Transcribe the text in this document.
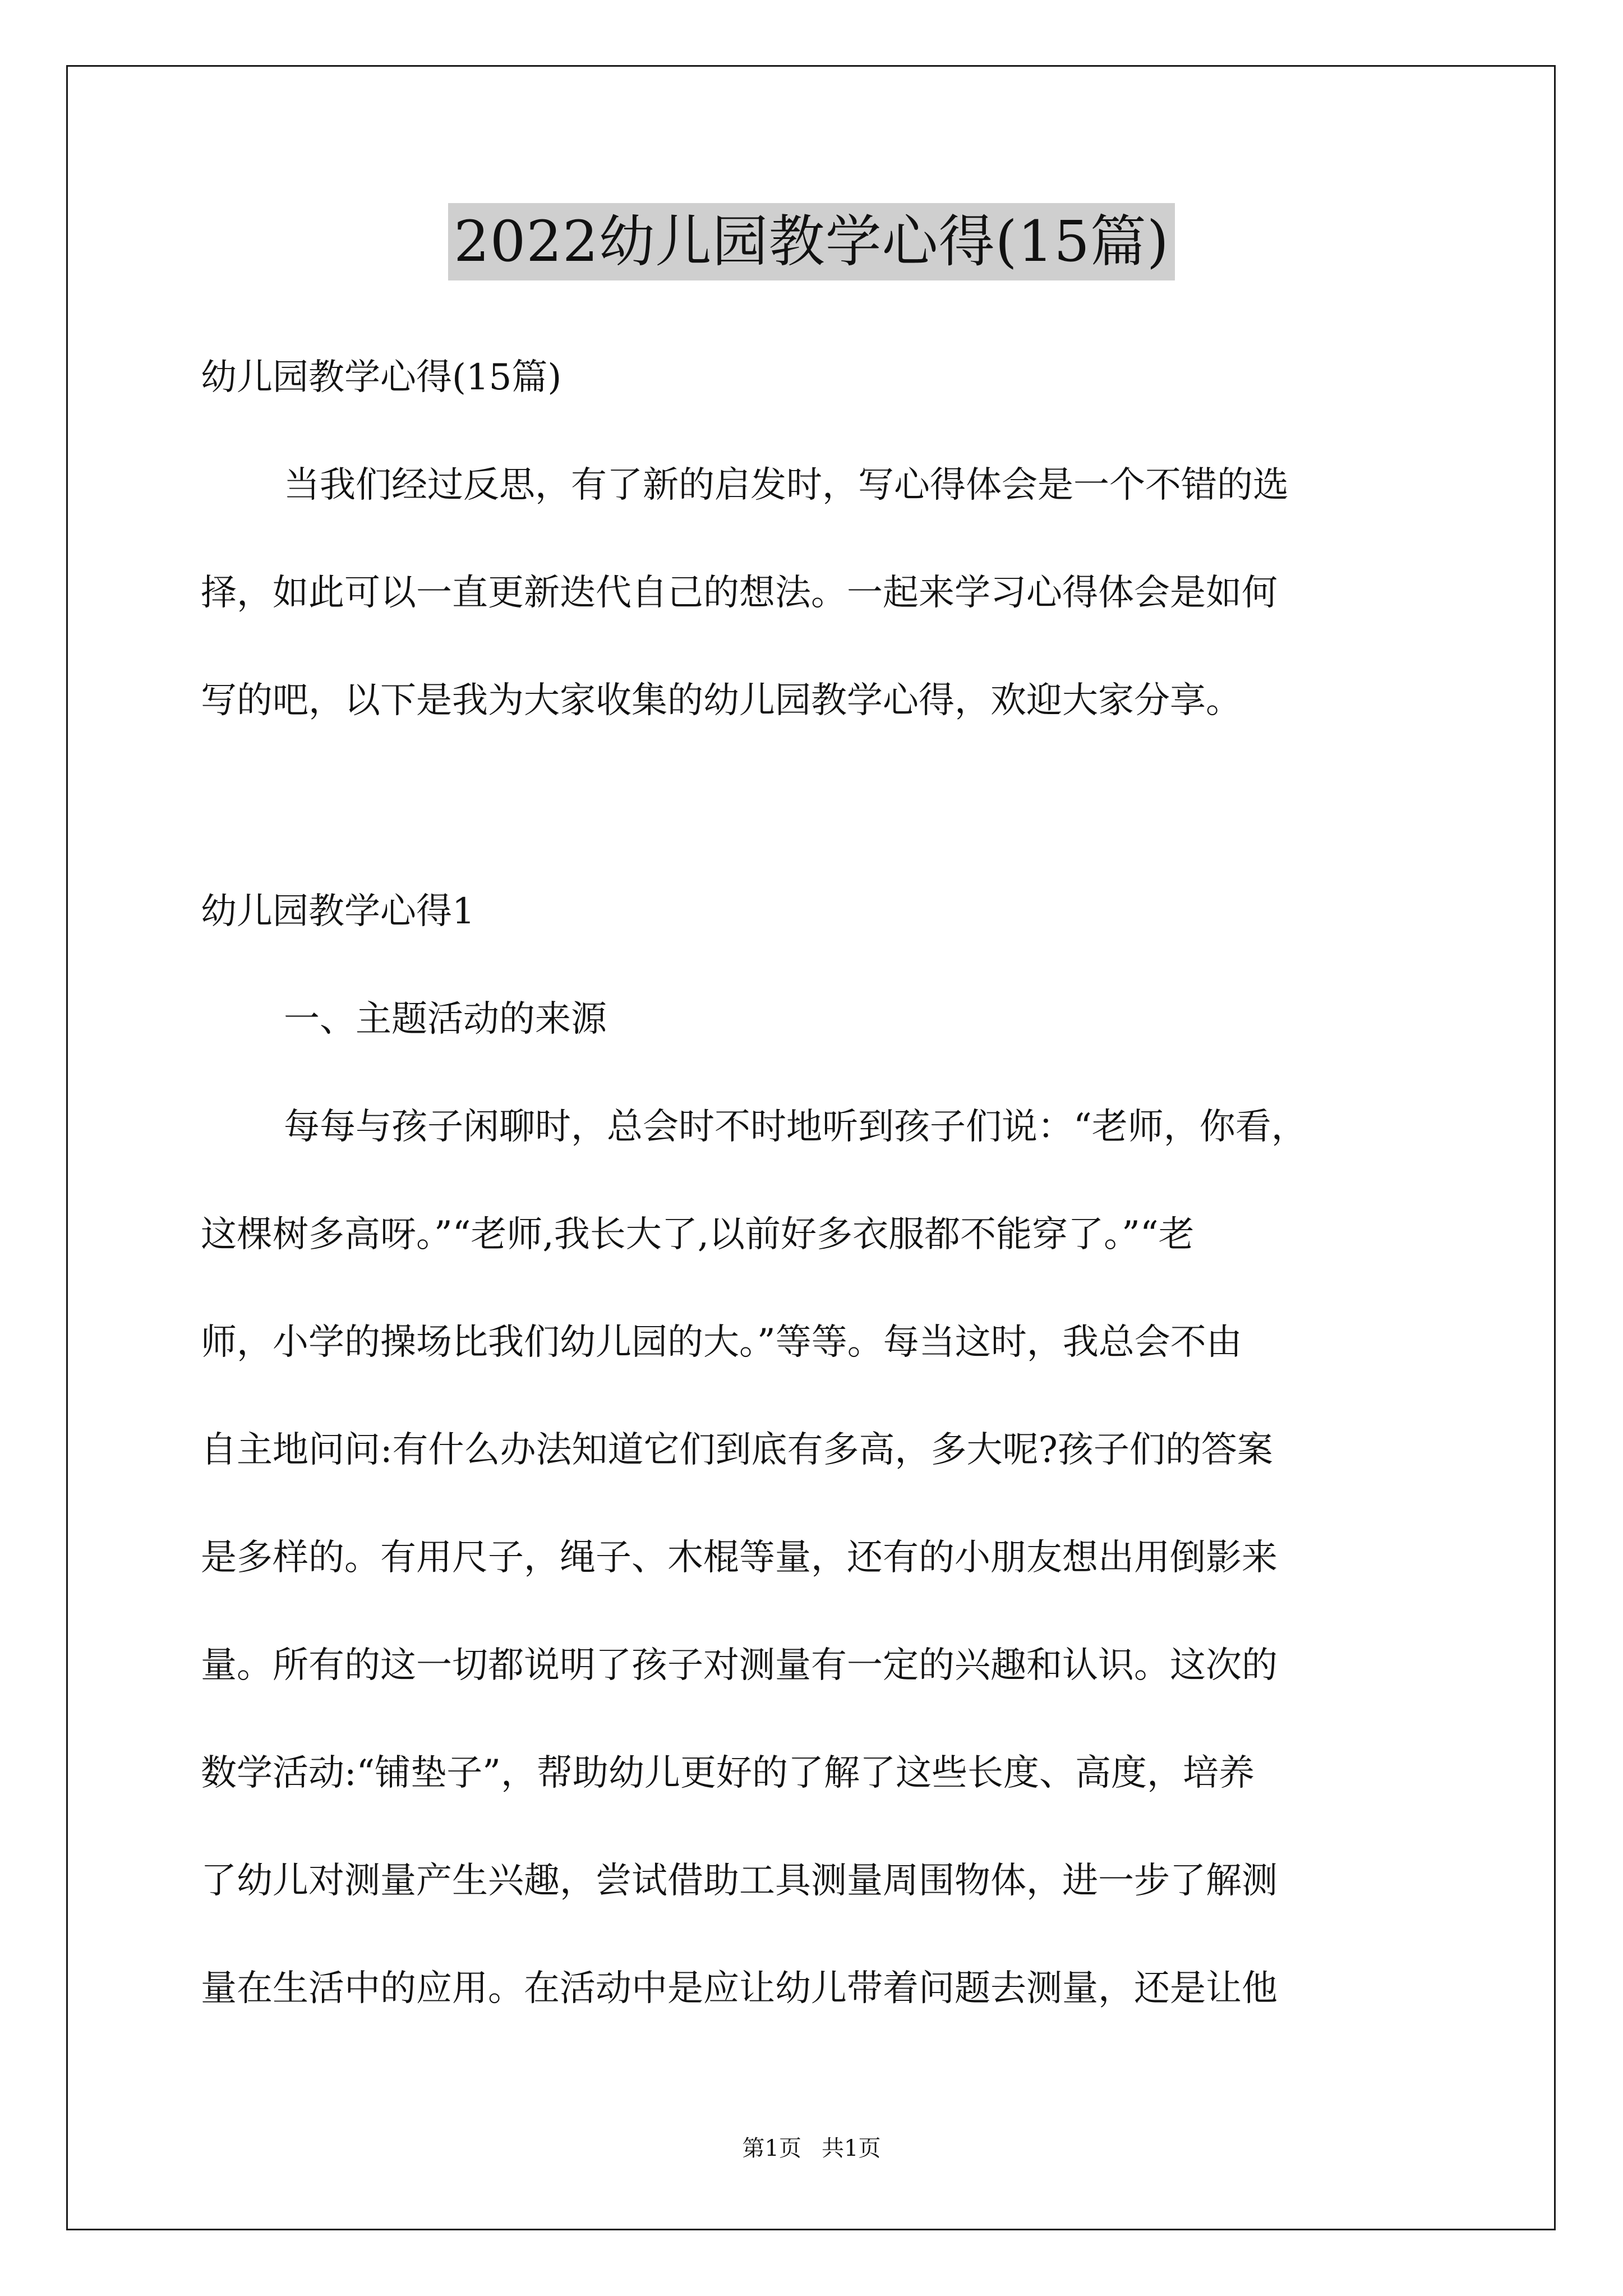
2022幼儿园教学心得(15篇)
幼儿园教学心得(15篇)
当我们经过反思，有了新的启发时，写心得体会是一个不错的选
择，如此可以一直更新迭代自己的想法。一起来学习心得体会是如何
写的吧，以下是我为大家收集的幼儿园教学心得，欢迎大家分享。
幼儿园教学心得1
一、主题活动的来源
每每与孩子闲聊时，总会时不时地听到孩子们说：“老师，你看，
这棵树多高呀。”“老师,我长大了,以前好多衣服都不能穿了。”“老
师，小学的操场比我们幼儿园的大。”等等。每当这时，我总会不由
自主地问问:有什么办法知道它们到底有多高，多大呢?孩子们的答案
是多样的。有用尺子，绳子、木棍等量，还有的小朋友想出用倒影来
量。所有的这一切都说明了孩子对测量有一定的兴趣和认识。这次的
数学活动:“铺垫子”，帮助幼儿更好的了解了这些长度、高度，培养
了幼儿对测量产生兴趣，尝试借助工具测量周围物体，进一步了解测
量在生活中的应用。在活动中是应让幼儿带着问题去测量，还是让他
第1页 共1页
